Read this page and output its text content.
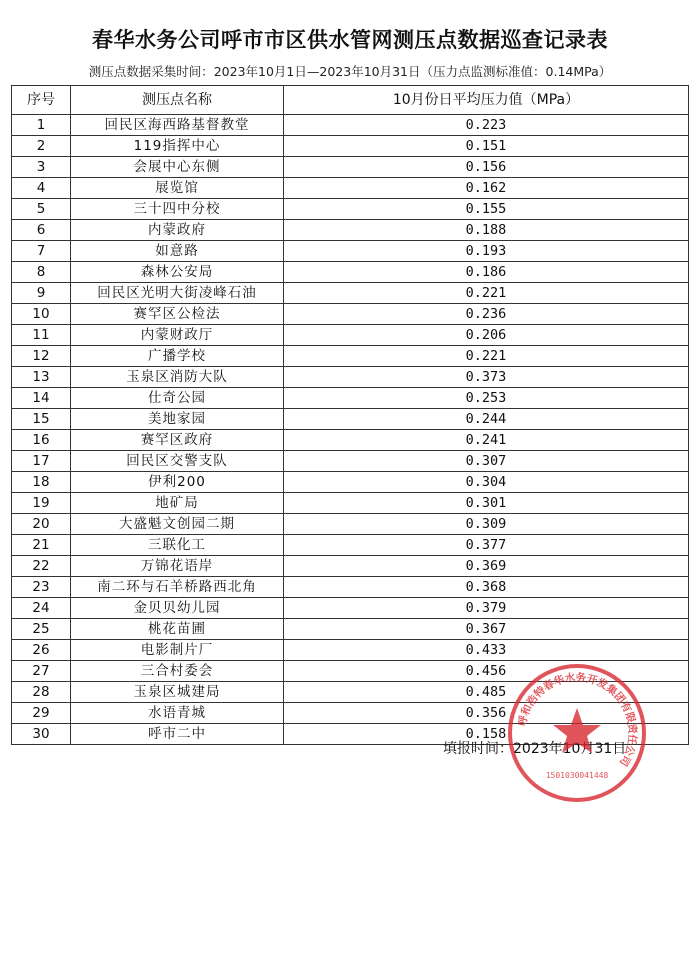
春华水务公司呼市市区供水管网测压点数据巡查记录表
测压点数据采集时间：2023年10月1日—2023年10月31日（压力点监测标准值：0.14MPa）
序号	测压点名称	10月份日平均压力值（MPa）
1	回民区海西路基督教堂	0.223
2	119指挥中心	0.151
3	会展中心东侧	0.156
4	展览馆	0.162
5	三十四中分校	0.155
6	内蒙政府	0.188
7	如意路	0.193
8	森林公安局	0.186
9	回民区光明大街凌峰石油	0.221
10	赛罕区公检法	0.236
11	内蒙财政厅	0.206
12	广播学校	0.221
13	玉泉区消防大队	0.373
14	仕奇公园	0.253
15	美地家园	0.244
16	赛罕区政府	0.241
17	回民区交警支队	0.307
18	伊利200	0.304
19	地矿局	0.301
20	大盛魁文创园二期	0.309
21	三联化工	0.377
22	万锦花语岸	0.369
23	南二环与石羊桥路西北角	0.368
24	金贝贝幼儿园	0.379
25	桃花苗圃	0.367
26	电影制片厂	0.433
27	三合村委会	0.456
28	玉泉区城建局	0.485
29	水语青城	0.356
30	呼市二中	0.158
填报时间：2023年10月31日
呼和浩特春华水务开发集团有限责任公司
1501030041448
